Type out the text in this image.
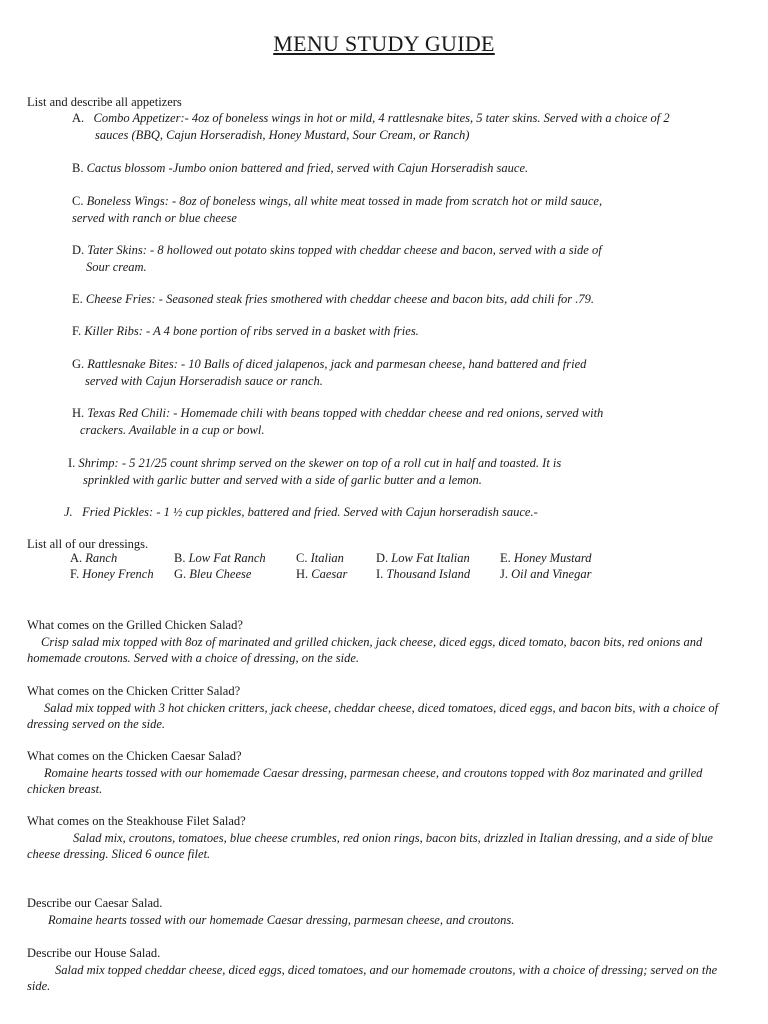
MENU STUDY GUIDE
List and describe all appetizers
A. Combo Appetizer:- 4oz of boneless wings in hot or mild, 4 rattlesnake bites, 5 tater skins. Served with a choice of 2
sauces (BBQ, Cajun Horseradish, Honey Mustard, Sour Cream, or Ranch)
B. Cactus blossom -Jumbo onion battered and fried, served with Cajun Horseradish sauce.
C. Boneless Wings: - 8oz of boneless wings, all white meat tossed in made from scratch hot or mild sauce,
served with ranch or blue cheese
D. Tater Skins: - 8 hollowed out potato skins topped with cheddar cheese and bacon, served with a side of
Sour cream.
E. Cheese Fries: - Seasoned steak fries smothered with cheddar cheese and bacon bits, add chili for .79.
F. Killer Ribs: - A 4 bone portion of ribs served in a basket with fries.
G. Rattlesnake Bites: - 10 Balls of diced jalapenos, jack and parmesan cheese, hand battered and fried
served with Cajun Horseradish sauce or ranch.
H. Texas Red Chili: - Homemade chili with beans topped with cheddar cheese and red onions, served with
crackers. Available in a cup or bowl.
I. Shrimp: - 5 21/25 count shrimp served on the skewer on top of a roll cut in half and toasted. It is
sprinkled with garlic butter and served with a side of garlic butter and a lemon.
J. Fried Pickles: - 1 ½ cup pickles, battered and fried. Served with Cajun horseradish sauce.-
List all of our dressings.
A. Ranch	B. Low Fat Ranch	C. Italian	D. Low Fat Italian	E. Honey Mustard
F. Honey French	G. Bleu Cheese	H. Caesar	I. Thousand Island	J. Oil and Vinegar
What comes on the Grilled Chicken Salad?
Crisp salad mix topped with 8oz of marinated and grilled chicken, jack cheese, diced eggs, diced tomato, bacon bits, red onions and homemade croutons. Served with a choice of dressing, on the side.
What comes on the Chicken Critter Salad?
Salad mix topped with 3 hot chicken critters, jack cheese, cheddar cheese, diced tomatoes, diced eggs, and bacon bits, with a choice of dressing served on the side.
What comes on the Chicken Caesar Salad?
Romaine hearts tossed with our homemade Caesar dressing, parmesan cheese, and croutons topped with 8oz marinated and grilled chicken breast.
What comes on the Steakhouse Filet Salad?
Salad mix, croutons, tomatoes, blue cheese crumbles, red onion rings, bacon bits, drizzled in Italian dressing, and a side of blue cheese dressing. Sliced 6 ounce filet.
Describe our Caesar Salad.
Romaine hearts tossed with our homemade Caesar dressing, parmesan cheese, and croutons.
Describe our House Salad.
Salad mix topped cheddar cheese, diced eggs, diced tomatoes, and our homemade croutons, with a choice of dressing; served on the side.
